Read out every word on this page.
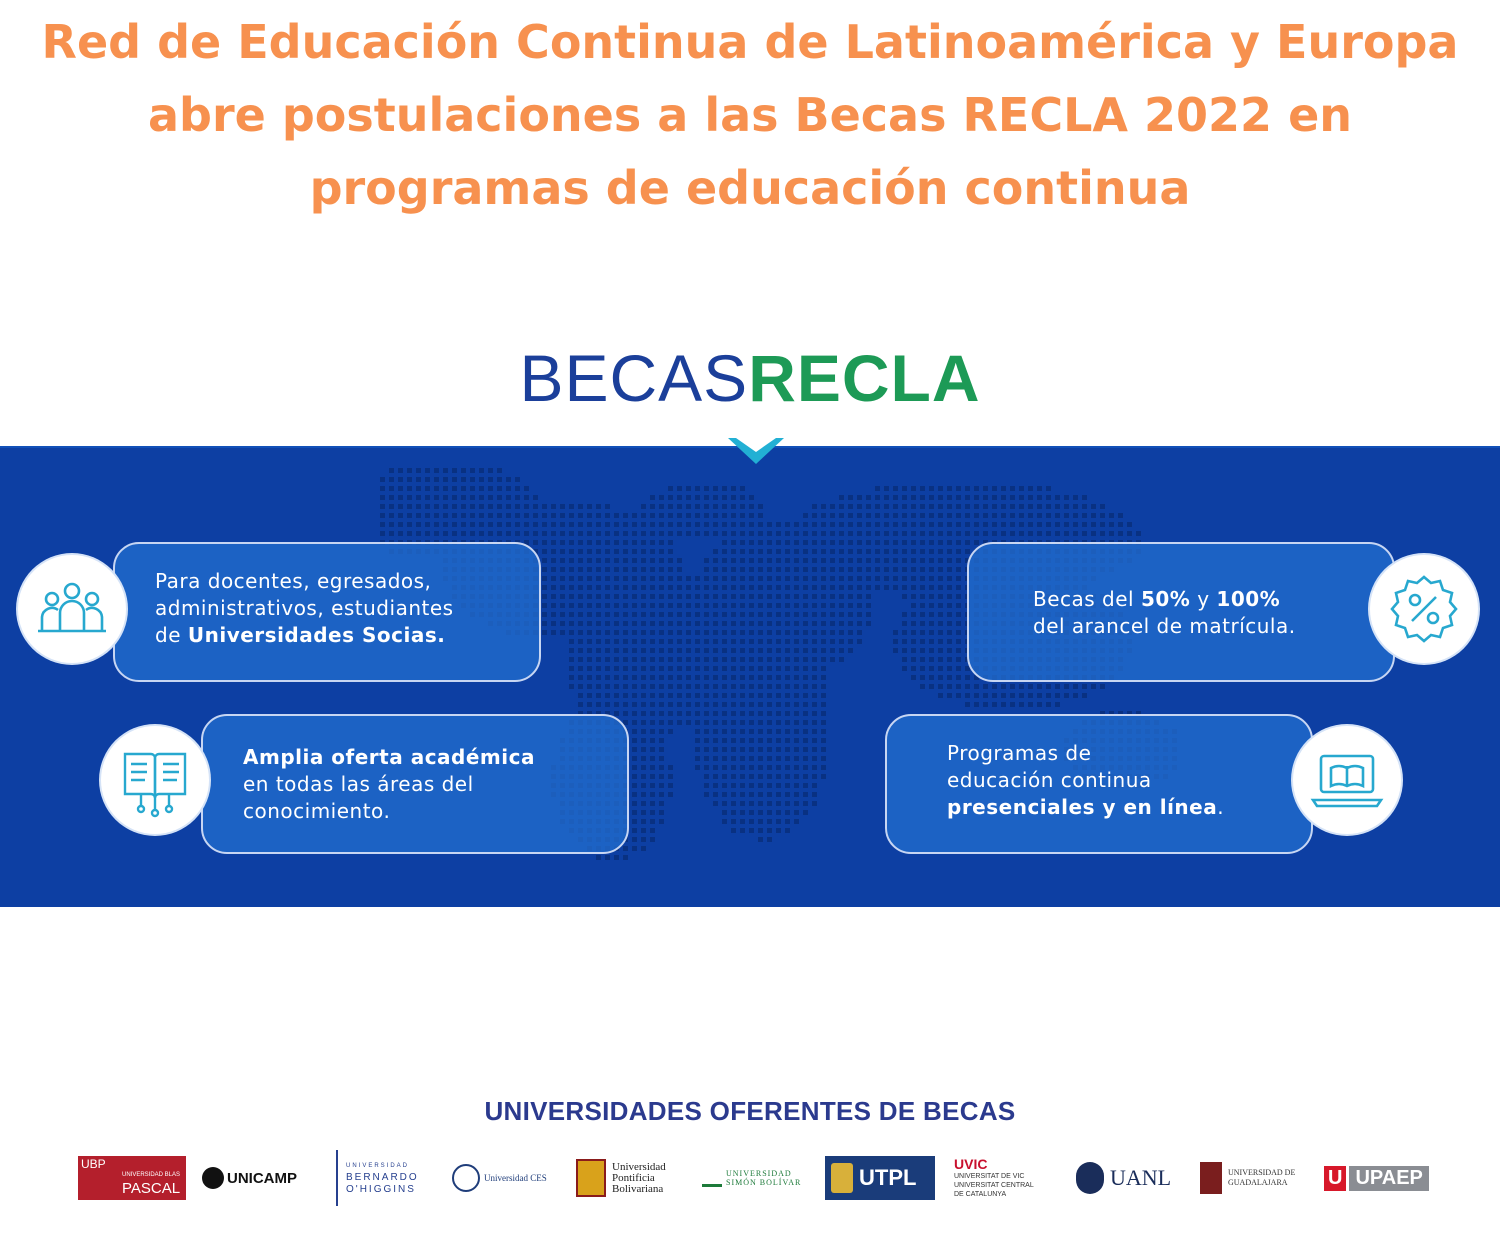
Red de Educación Continua de Latinoamérica y Europa
abre postulaciones a las Becas RECLA 2022 en
programas de educación continua
BECASRECLA
Para docentes, egresados,
administrativos, estudiantes
de Universidades Socias.
Becas del 50% y 100%
del arancel de matrícula.
Amplia oferta académica
en todas las áreas del
conocimiento.
Programas de
educación continua
presenciales y en línea.
UNIVERSIDADES OFERENTES DE BECAS
UBP
UNIVERSIDAD BLAS
PASCAL
UNICAMP
UNIVERSIDAD
BERNARDO
O'HIGGINS
Universidad CES
Universidad
Pontificia
Bolivariana
UNIVERSIDAD
SIMÓN BOLÍVAR	UTPL
UVIC
UNIVERSITAT DE VIC
UNIVERSITAT CENTRAL
DE CATALUNYA
UANL	UNIVERSIDAD DE
GUADALAJARA	U UPAEP
